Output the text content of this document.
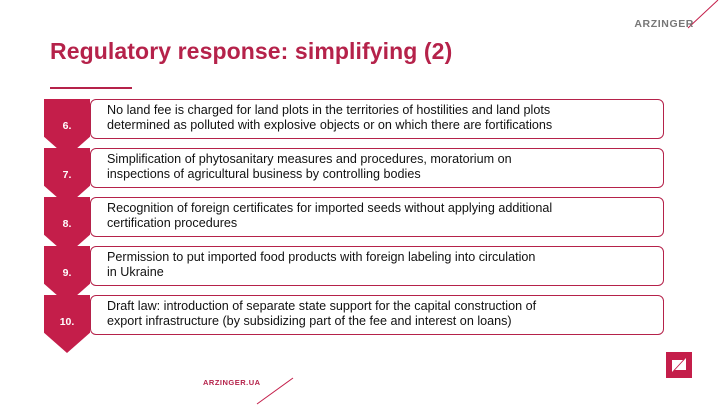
ARZINGER
Regulatory response: simplifying (2)
No land fee is charged for land plots in the territories of hostilities and land plots
determined as polluted with explosive objects or on which there are fortifications
6.
Simplification of phytosanitary measures and procedures, moratorium on
inspections of agricultural business by controlling bodies
7.
Recognition of foreign certificates for imported seeds without applying additional
certification procedures
8.
Permission to put imported food products with foreign labeling into circulation
in Ukraine
9.
Draft law: introduction of separate state support for the capital construction of
export infrastructure (by subsidizing part of the fee and interest on loans)
10.
ARZINGER.UA
